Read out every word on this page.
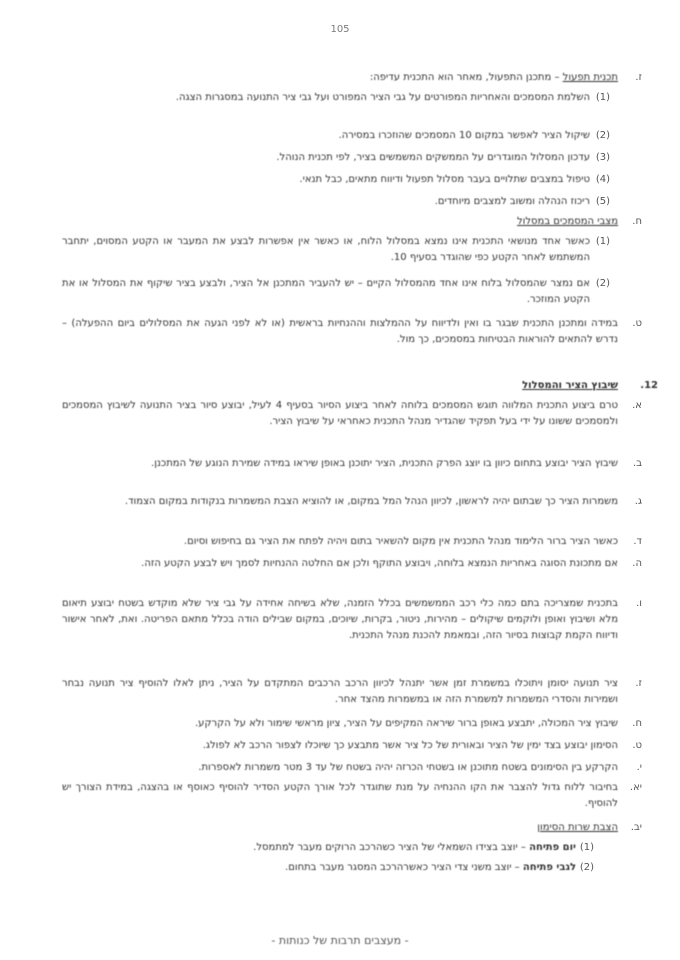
105
ז.
תכנית תפעול – מתכנן התפעול, מאחר הוא התכנית עדיפה:
(1)
השלמת המסמכים והאחריות המפורטים על גבי הציר המפורט ועל גבי ציר התנועה במסגרות הצגה.
(2)
שיקול הציר לאפשר במקום 10 המסמכים שהוזכרו במסירה.
(3)
עדכון המסלול המוגדרים על הממשקים המשמשים בציר, לפי תכנית הנוהל.
(4)
טיפול במצבים שתלויים בעבר מסלול תפעול ודיווח מתאים, כבל תנאי.
(5)
ריכוז הנהלה ומשוב למצבים מיוחדים.
ח.
מצבי המסמכים במסלול
(1)
כאשר אחד מנושאי התכנית אינו נמצא במסלול הלוח, או כאשר אין אפשרות לבצע את המעבר או הקטע המסוים, יתחבר המשתמש לאחר הקטע כפי שהוגדר בסעיף 10.
(2)
אם נמצר שהמסלול בלוח אינו אחד מהמסלול הקיים – יש להעביר המתכנן אל הציר, ולבצע בציר שיקוף את המסלול או את הקטע המוזכר.
ט.
במידה ומתכנן התכנית שבגר בו ואין ולדיווח על ההמלצות וההנחיות בראשית (או לא לפני הגעה את המסלולים ביום ההפעלה) – נדרש להתאים להוראות הבטיחות במסמכים, כך מול.
12.
שיבוץ הציר והמסלול
א.
טרם ביצוע התכנית המלווה תוגש המסמכים בלוחה לאחר ביצוע הסיור בסעיף 4 לעיל, יבוצע סיור בציר התנועה לשיבוץ המסמכים ולמסמכים ששונו על ידי בעל תפקיד שהגדיר מנהל התכנית כאחראי על שיבוץ הציר.
ב.
שיבוץ הציר יבוצע בתחום כיוון בו יוצג הפרק התכנית, הציר יתוכנן באופן שיראו במידה שמירת הנוגע של המתכנן.
ג.
משמרות הציר כך שבתום יהיה לראשון, לכיוון הנהל המל במקום, או להוציא הצבת המשמרות בנקודות במקום הצמוד.
ד.
כאשר הציר ברור הלימוד מנהל התכנית אין מקום להשאיר בתום ויהיה לפתח את הציר גם בחיפוש וסיום.
ה.
אם מתכונת הסוגה באחריות הנמצא בלוחה, ויבוצע התוקף ולכן אם החלטה ההנחיות לסמך ויש לבצע הקטע הזה.
ו.
בתכנית שמצריכה בתם כמה כלי רכב הממשמשים בכלל הזמנה, שלא בשיחה אחידה על גבי ציר שלא מוקדש בשטח יבוצע תיאום מלא ושיבוץ ואופן ולוקמים שיקולים – מהירות, ניטור, בקרות, שיוכים, במקום שבילים הודה בכלל מתאם הפריטה. ואת, לאחר אישור ודיווח הקמת קבוצות בסיור הזה, ובמאמת להכנת מנהל התכנית.
ז.
ציר תנועה יסומן ויתוכלו במשמרת זמן אשר יתנהל לכיוון הרכב הרכבים המתקדם על הציר, ניתן לאלו להוסיף ציר תנועה נבחר ושמירות והסדרי המשמרות למשמרת הזה או במשמרות מהצד אחר.
ח.
שיבוץ ציר המכולה, יתבצע באופן ברור שיראה המקיפים על הציר, ציון מראשי שימור ולא על הקרקע.
ט.
הסימון יבוצע בצד ימין של הציר ובאורית של כל ציר אשר מתבצע כך שיוכלו לצפור הרכב לא לפולג.
י.
הקרקע בין הסימונים בשטח מתוכנן או בשטחי הכרזה יהיה בשטח של עד 3 מטר משמרות לאספרות.
יא.
בחיבור ללוח גדול להצבר את הקו ההנחיה על מנת שתוגדר לכל אורך הקטע הסדיר להוסיף כאוסף או בהצגה, במידת הצורך יש להוסיף.
יב.
הצבת שרות הסימון
(1)
יום פתיחה – יוצב בצידו השמאלי של הציר כשהרכב הרוקים מעבר למתמסל.
(2)
לגבי פתיחה – יוצב משני צדי הציר כאשרהרכב המסגר מעבר בתחום.
- מעצבים תרבות של כנותות -
